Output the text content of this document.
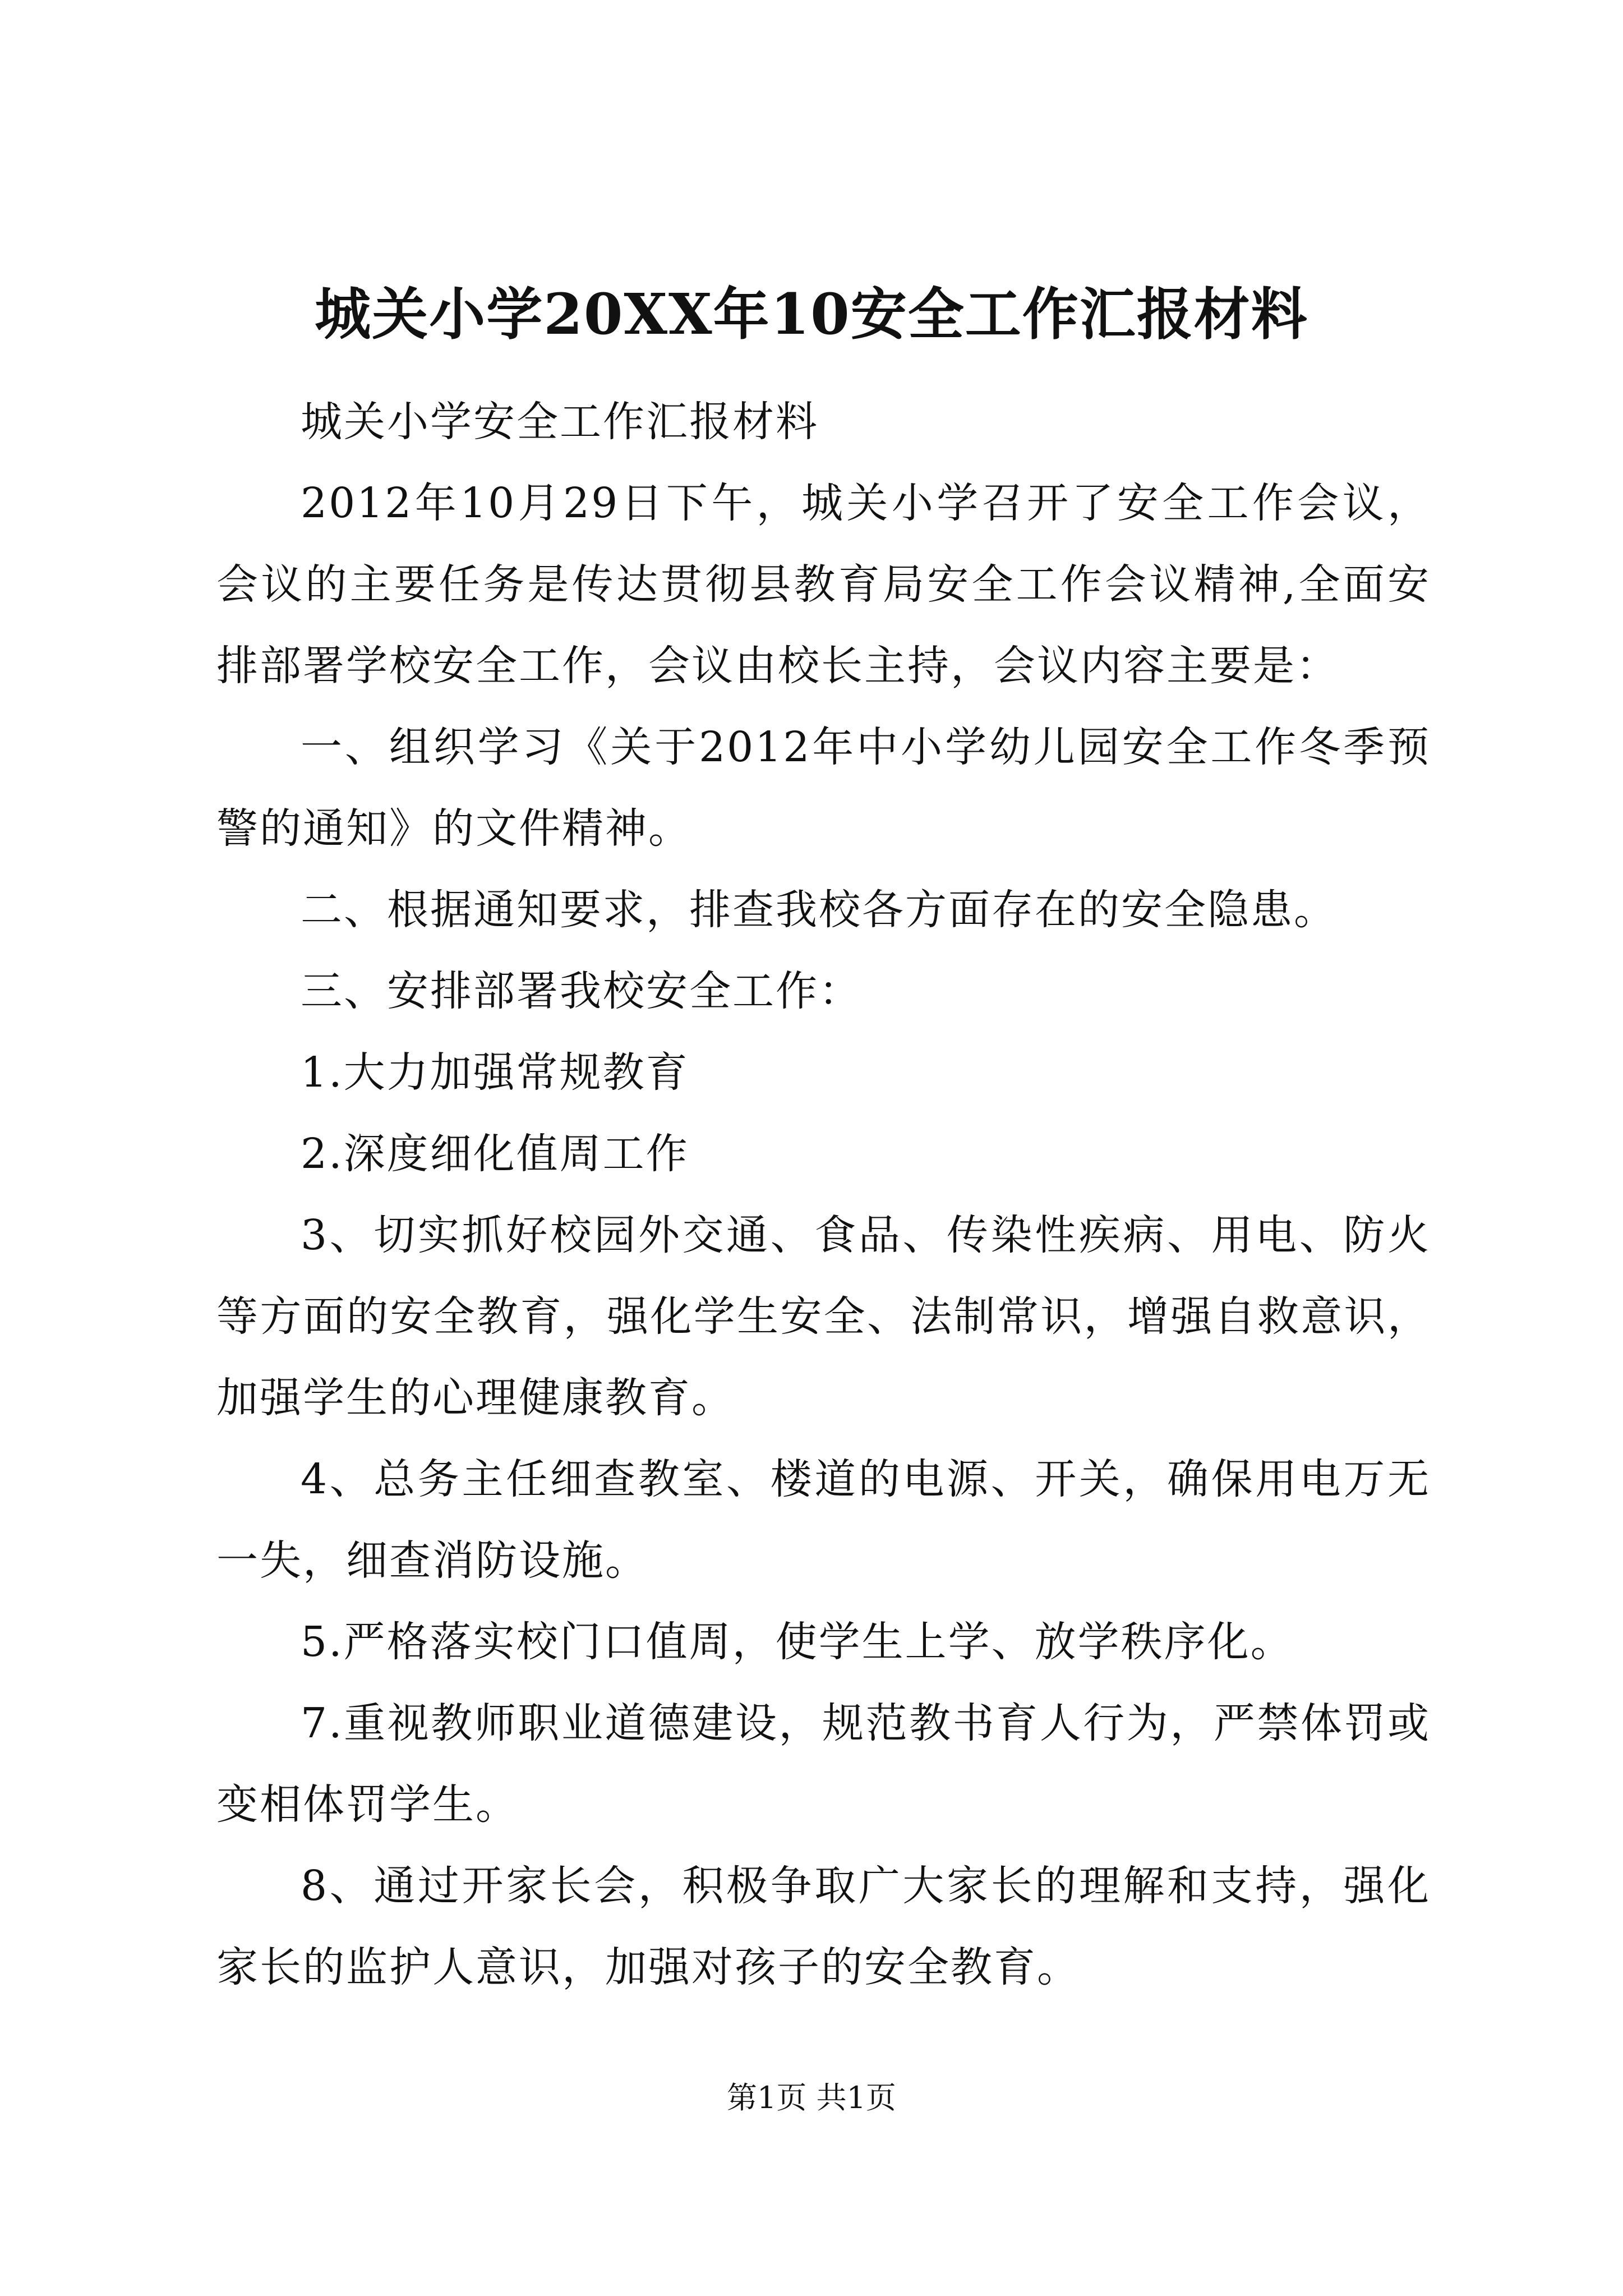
城关小学20XX年10安全工作汇报材料

城关小学安全工作汇报材料

2012年10月29日下午，城关小学召开了安全工作会议，会议的主要任务是传达贯彻县教育局安全工作会议精神,全面安排部署学校安全工作，会议由校长主持，会议内容主要是：

一、组织学习《关于2012年中小学幼儿园安全工作冬季预警的通知》的文件精神。

二、根据通知要求，排查我校各方面存在的安全隐患。

三、安排部署我校安全工作：

1.大力加强常规教育

2.深度细化值周工作

3、切实抓好校园外交通、食品、传染性疾病、用电、防火等方面的安全教育，强化学生安全、法制常识，增强自救意识，加强学生的心理健康教育。

4、总务主任细查教室、楼道的电源、开关，确保用电万无一失，细查消防设施。

5.严格落实校门口值周，使学生上学、放学秩序化。

7.重视教师职业道德建设，规范教书育人行为，严禁体罚或变相体罚学生。

8、通过开家长会，积极争取广大家长的理解和支持，强化家长的监护人意识，加强对孩子的安全教育。

第1页 共1页
